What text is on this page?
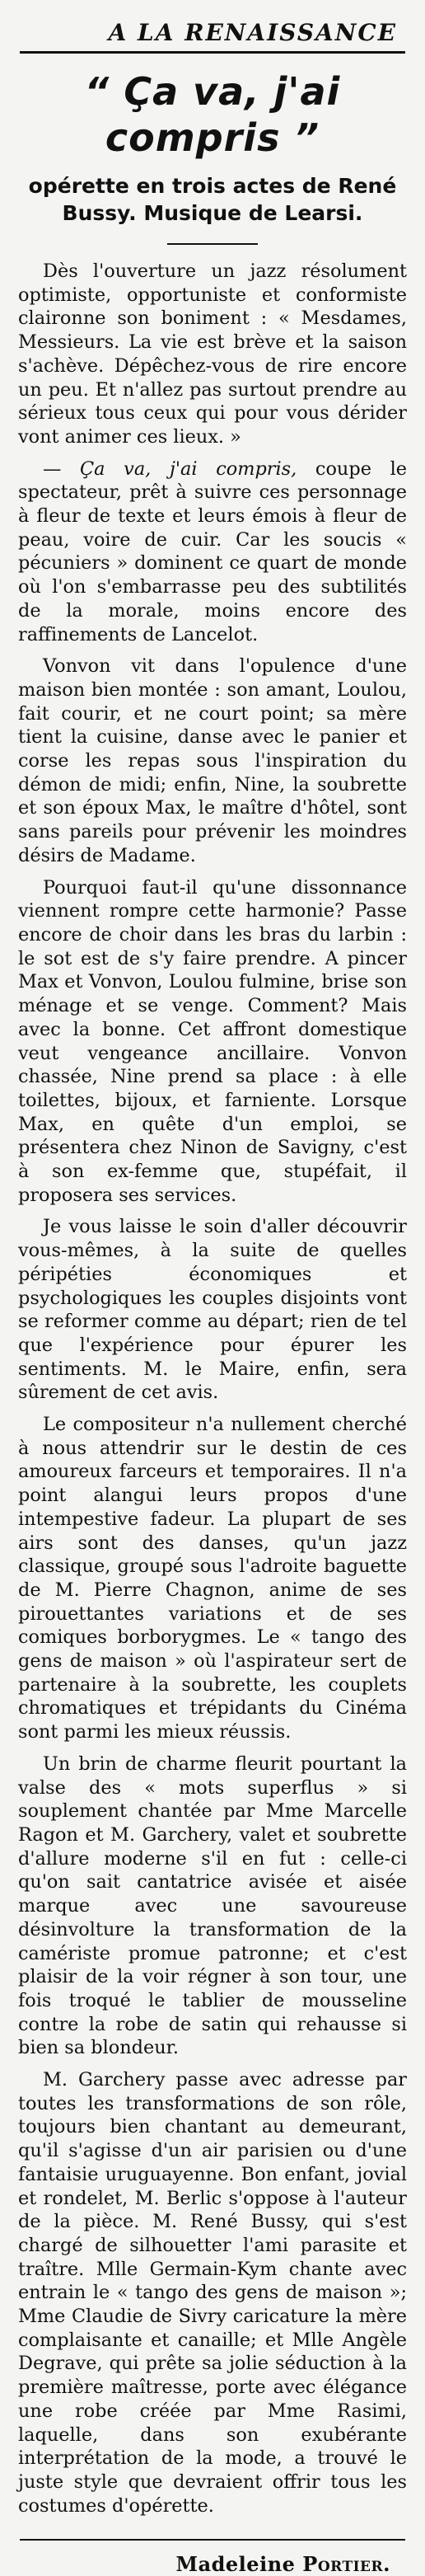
A LA RENAISSANCE
“ Ça va, j'ai compris ”
opérette en trois actes de René Bussy. Musique de Learsi.

Dès l'ouverture un jazz résolument optimiste, opportuniste et conformiste claironne son boniment : « Mesdames, Messieurs. La vie est brève et la saison s'achève. Dépêchez-vous de rire encore un peu. Et n'allez pas surtout prendre au sérieux tous ceux qui pour vous dérider vont animer ces lieux. »

— Ça va, j'ai compris, coupe le spectateur, prêt à suivre ces personnage à fleur de texte et leurs émois à fleur de peau, voire de cuir. Car les soucis « pécuniers » dominent ce quart de monde où l'on s'embarrasse peu des subtilités de la morale, moins encore des raffinements de Lancelot.

Vonvon vit dans l'opulence d'une maison bien montée : son amant, Loulou, fait courir, et ne court point; sa mère tient la cuisine, danse avec le panier et corse les repas sous l'inspiration du démon de midi; enfin, Nine, la soubrette et son époux Max, le maître d'hôtel, sont sans pareils pour prévenir les moindres désirs de Madame.

Pourquoi faut-il qu'une dissonnance viennent rompre cette harmonie? Passe encore de choir dans les bras du larbin : le sot est de s'y faire prendre. A pincer Max et Vonvon, Loulou fulmine, brise son ménage et se venge. Comment? Mais avec la bonne. Cet affront domestique veut vengeance ancillaire. Vonvon chassée, Nine prend sa place : à elle toilettes, bijoux, et farniente. Lorsque Max, en quête d'un emploi, se présentera chez Ninon de Savigny, c'est à son ex-femme que, stupéfait, il proposera ses services.

Je vous laisse le soin d'aller découvrir vous-mêmes, à la suite de quelles péripéties économiques et psychologiques les couples disjoints vont se reformer comme au départ; rien de tel que l'expérience pour épurer les sentiments. M. le Maire, enfin, sera sûrement de cet avis.

Le compositeur n'a nullement cherché à nous attendrir sur le destin de ces amoureux farceurs et temporaires. Il n'a point alangui leurs propos d'une intempestive fadeur. La plupart de ses airs sont des danses, qu'un jazz classique, groupé sous l'adroite baguette de M. Pierre Chagnon, anime de ses pirouettantes variations et de ses comiques borborygmes. Le « tango des gens de maison » où l'aspirateur sert de partenaire à la soubrette, les couplets chromatiques et trépidants du Cinéma sont parmi les mieux réussis.

Un brin de charme fleurit pourtant la valse des « mots superflus » si souplement chantée par Mme Marcelle Ragon et M. Garchery, valet et soubrette d'allure moderne s'il en fut : celle-ci qu'on sait cantatrice avisée et aisée marque avec une savoureuse désinvolture la transformation de la camériste promue patronne; et c'est plaisir de la voir régner à son tour, une fois troqué le tablier de mousseline contre la robe de satin qui rehausse si bien sa blondeur.

M. Garchery passe avec adresse par toutes les transformations de son rôle, toujours bien chantant au demeurant, qu'il s'agisse d'un air parisien ou d'une fantaisie uruguayenne. Bon enfant, jovial et rondelet, M. Berlic s'oppose à l'auteur de la pièce. M. René Bussy, qui s'est chargé de silhouetter l'ami parasite et traître. Mlle Germain-Kym chante avec entrain le « tango des gens de maison »; Mme Claudie de Sivry caricature la mère complaisante et canaille; et Mlle Angèle Degrave, qui prête sa jolie séduction à la première maîtresse, porte avec élégance une robe créée par Mme Rasimi, laquelle, dans son exubérante interprétation de la mode, a trouvé le juste style que devraient offrir tous les costumes d'opérette.

Madeleine Portier.
